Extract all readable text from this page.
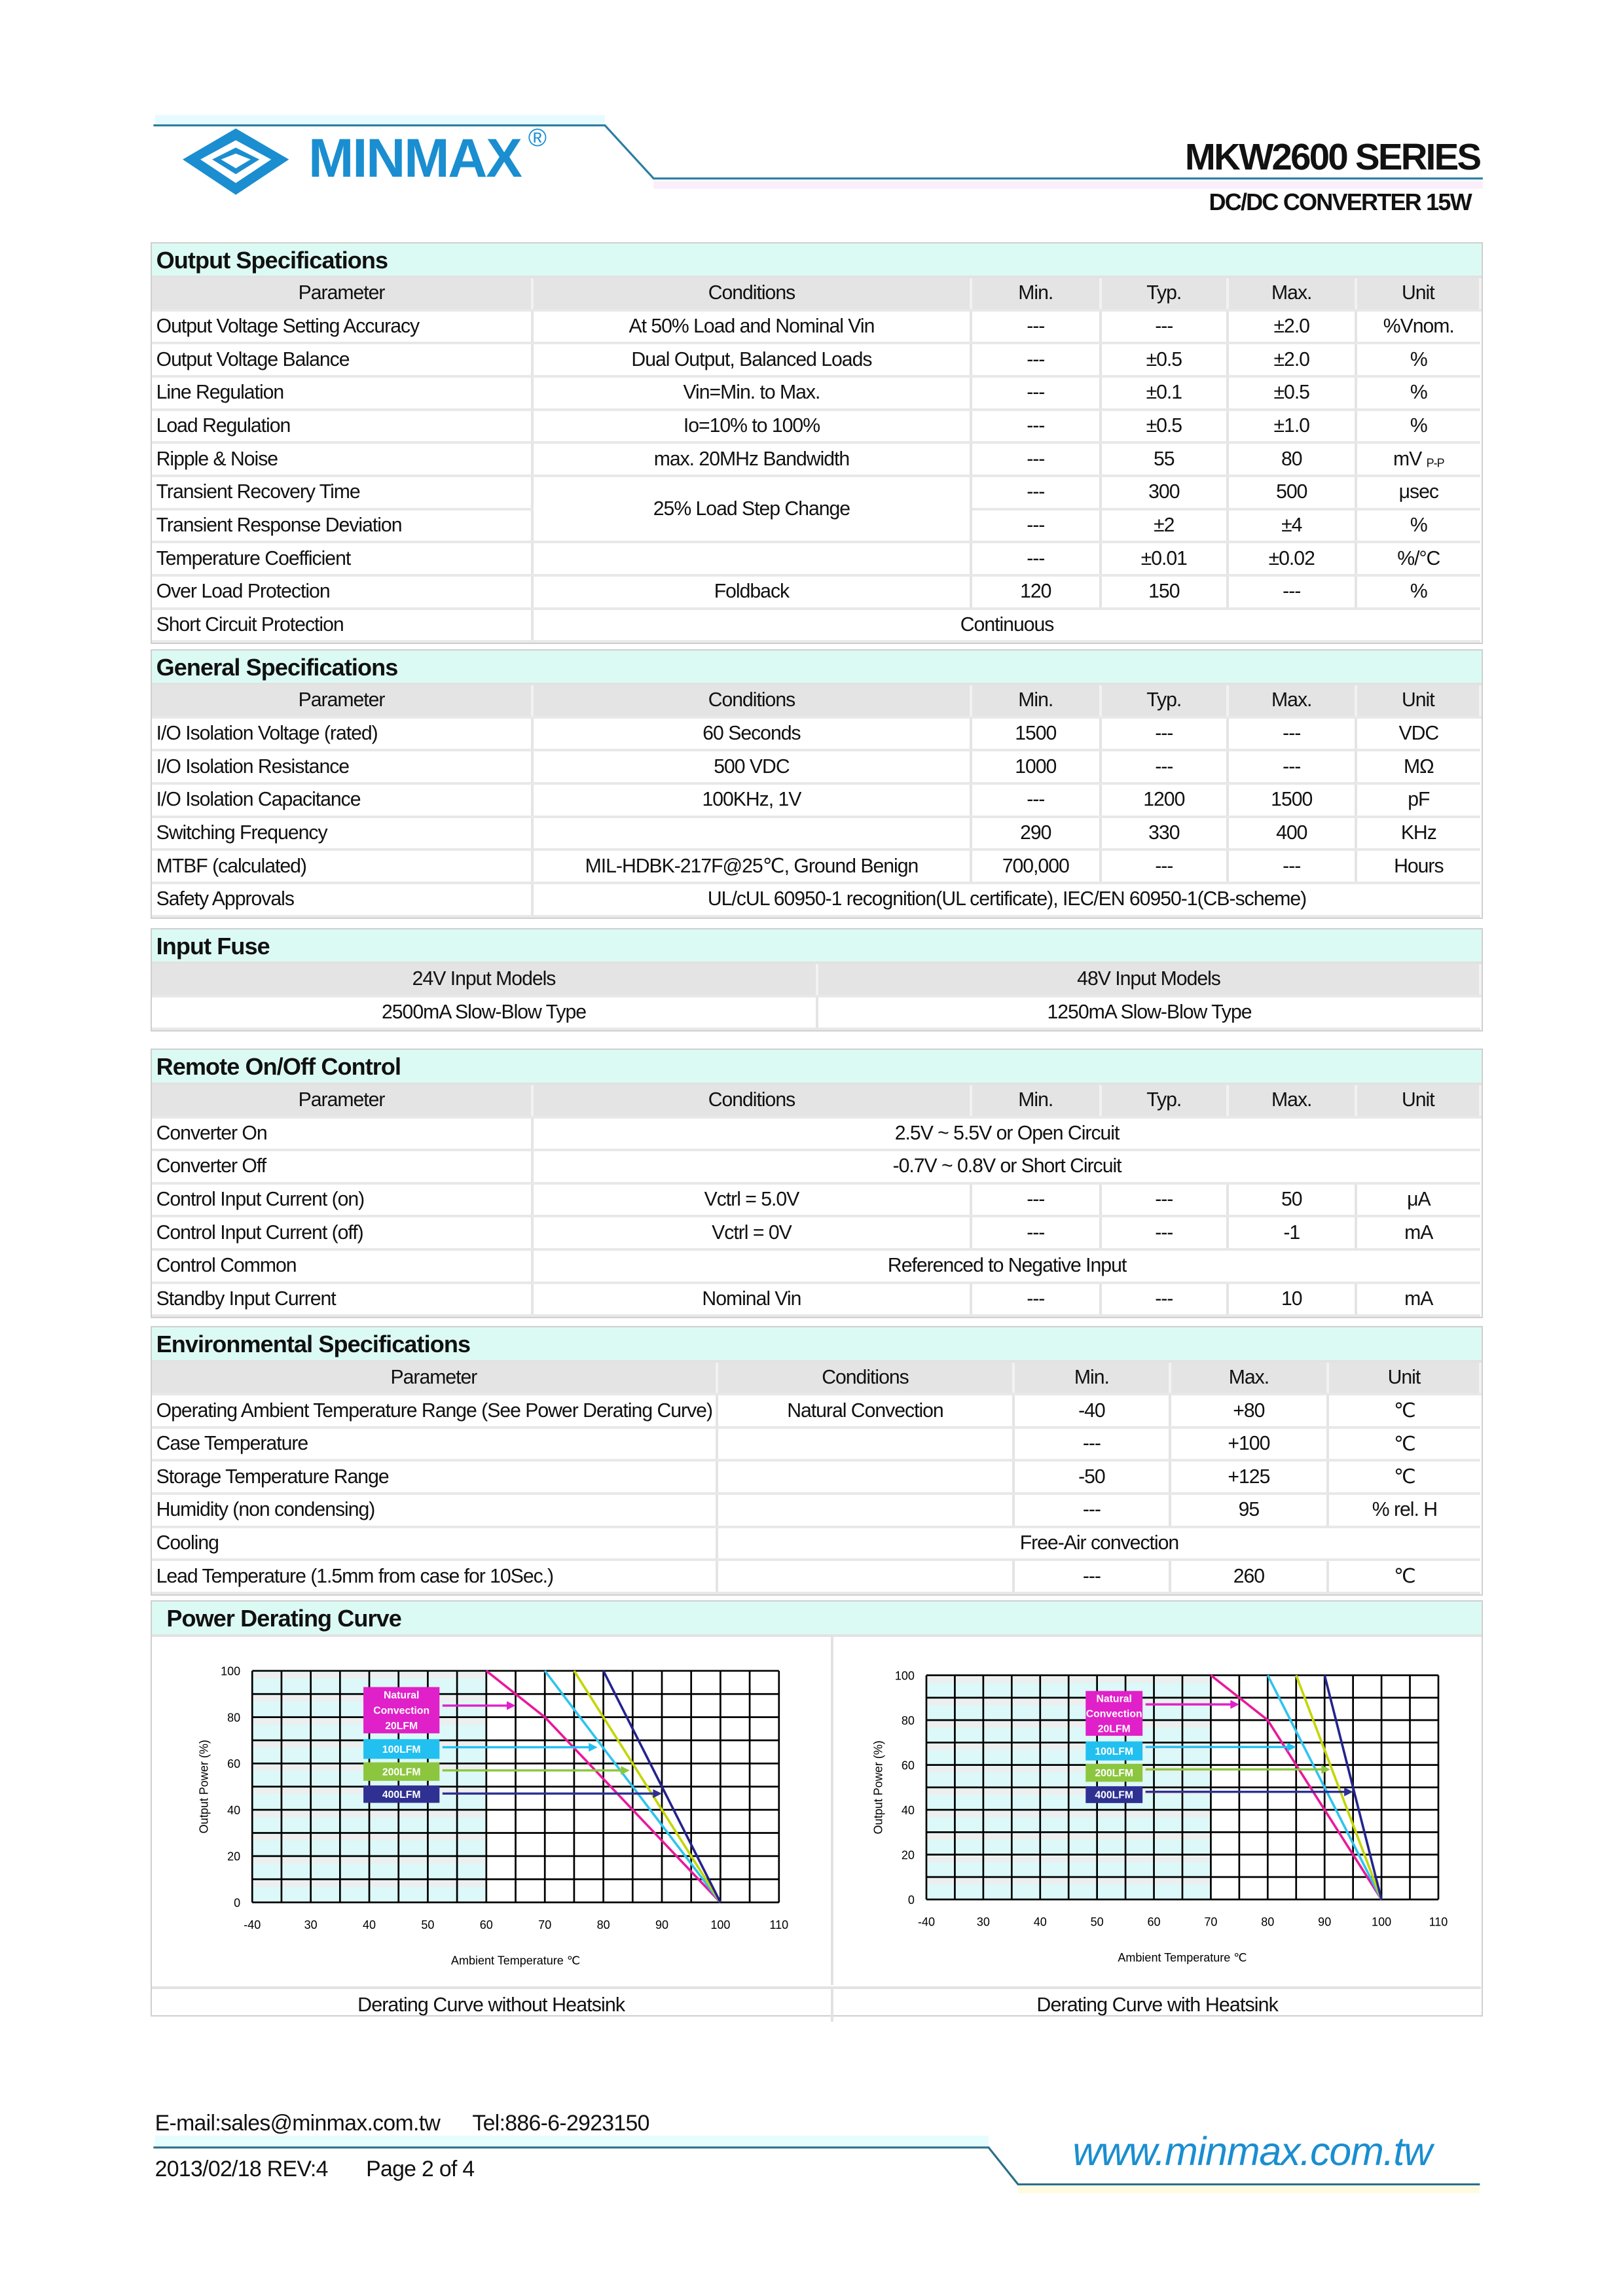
MINMAX ®	MKW2600 SERIES
DC/DC CONVERTER 15W
Output Specifications
Parameter	Conditions	Min.	Typ.	Max.	Unit
Output Voltage Setting Accuracy	At 50% Load and Nominal Vin	---	---	±2.0	%Vnom.
Output Voltage Balance	Dual Output, Balanced Loads	---	±0.5	±2.0	%
Line Regulation	Vin=Min. to Max.	---	±0.1	±0.5	%
Load Regulation	Io=10% to 100%	---	±0.5	±1.0	%
Ripple & Noise	max. 20MHz Bandwidth	---	55	80	mV $_{P-P}$
Transient Recovery Time	25% Load Step Change	---	300	500	μsec
Transient Response Deviation		---	±2	±4	%
Temperature Coefficient		---	±0.01	±0.02	%/°C
Over Load Protection	Foldback	120	150	---	%
Short Circuit Protection	Continuous				
General Specifications
Parameter	Conditions	Min.	Typ.	Max.	Unit
I/O Isolation Voltage (rated)	60 Seconds	1500	---	---	VDC
I/O Isolation Resistance	500 VDC	1000	---	---	MΩ
I/O Isolation Capacitance	100KHz, 1V	---	1200	1500	pF
Switching Frequency		290	330	400	KHz
MTBF (calculated)	MIL-HDBK-217F@25℃, Ground Benign	700,000	---	---	Hours
Safety Approvals	UL/cUL 60950-1 recognition(UL certificate), IEC/EN 60950-1(CB-scheme)				
Input Fuse
24V Input Models	48V Input Models
2500mA Slow-Blow Type	1250mA Slow-Blow Type
Remote On/Off Control
Parameter	Conditions	Min.	Typ.	Max.	Unit
Converter On	2.5V ~ 5.5V or Open Circuit				
Converter Off	-0.7V ~ 0.8V or Short Circuit				
Control Input Current (on)	Vctrl = 5.0V	---	---	50	μA
Control Input Current (off)	Vctrl = 0V	---	---	-1	mA
Control Common	Referenced to Negative Input				
Standby Input Current	Nominal Vin	---	---	10	mA
Environmental Specifications
Parameter	Conditions	Min.	Max.	Unit
Operating Ambient Temperature Range (See Power Derating Curve)	Natural Convection	-40	+80	℃
Case Temperature		---	+100	℃
Storage Temperature Range		-50	+125	℃
Humidity (non condensing)		---	95	% rel. H
Cooling	Free-Air convection			
Lead Temperature (1.5mm from case for 10Sec.)		---	260	℃
Power Derating Curve
0
20
40
60
80
100
-40	30	40	50	60	70	80	90	100	110
Ambient Temperature ℃
Output Power (%)
Natural
Convection
20LFM
100LFM
200LFM
400LFM
0
20
40
60
80
100
-40	30	40	50	60	70	80	90	100	110
Ambient Temperature ℃
Output Power (%)
Natural
Convection
20LFM
100LFM
200LFM
400LFM
Derating Curve without Heatsink	Derating Curve with Heatsink
E-mail:sales@minmax.com.tw	Tel:886-6-2923150
2013/02/18 REV:4	Page 2 of 4	www.minmax.com.tw
